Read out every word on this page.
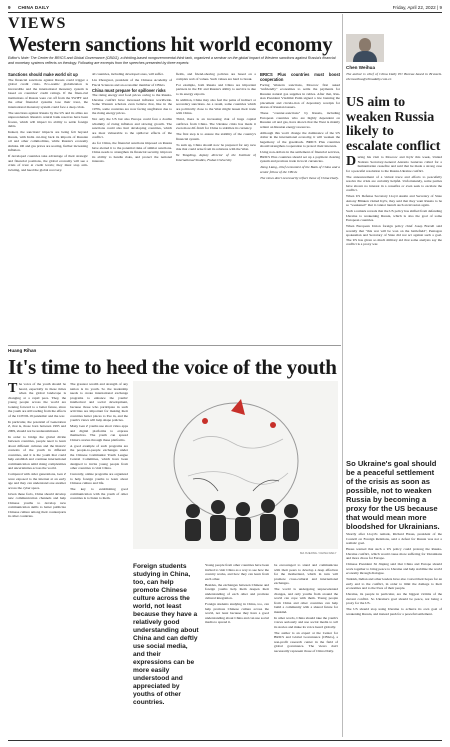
9 CHINA DAILY	Friday, April 22, 2022 | 9
VIEWS
Western sanctions hit world economy
Editor's Note: The Center for BRICS and Global Governance (CBGG), a thinking-based nongovernmental think tank, organized a seminar on the global impact of Western sanctions against Russia's financial and monetary systems reflects on theology. Following are excerpts from the speeches presented by three experts:
Sanctions should make world sit up

The financial sanctions against Russia could trigger a global credit crisis. Eco-nomic globalization is irreversible and the international monetary system is based on countries' credit ratings. If the finan-cial institutions of Russia were cut off from the SWIFT and the other financial systems lose their trust, the international monetary system could face a deep crisis.

The sanctions against Russia by the US and its allies are unprecedented. Russia's central bank reserves have been frozen, which will impact its ability to settle foreign debts.

Indeed, the sanctions' impacts are being felt beyond Russia, with India cut-ting back its imports of Russian oil and other commodities, while Russia's economy shrinks. Oil and gas prices are soaring, further increasing inflation.

If developed countries take advantage of their strategic and financial positions, the global economy will see a crisis of trust at credit levels; they must stop arm-twisting, and heed the global recovery.

all countries, including developed ones, will suffer.

Liu Zhongwei, president of the Chinese Academy of Fiscal Sciences and an economic member of CBGG

China must prepare for spillover risks

The rising energy and food prices owing to the Russia-Ukraine conflict have increased inflation worldwide. Some Western scholars even believe that, like in the 1970s, some countries are now facing stagflation due to the rising energy prices.

Not only the US but also Europe could face a double whammy of rising inflation and slowing growth. The sanctions could also hurt developing countries, which are most vulnerable to the spillover effects of the conflict.

As for China, the financial sanctions imposed on Russia have alerted it to the potential risks of similar sanctions. China needs to strengthen its financial security, improve its ability to handle risks, and protect the national interests.

fields, and friend-shoring policies are based on a complex web of values. Such values are hard to break.

For example, both Russia and China are important partners in the EU and Russia's ability to survive is due to its energy exports.

In addition, China may also feel the pains of indirect or secondary sanctions. As a result, some countries which are politically close to the West might lessen their trade with China.

Third, there is an increasing risk of huge capital outflows from China. The Ukraine crisis has made it even more dif-ficult for China to stabilize its currency.

The first step is to ensure the stability of the country's financial system.

To sum up, China should now be prepared for any new risk that could arise from its relations with the West.

Yu Yongding, deputy director of the Institute of International Studies, Fudan University

BRICS Plus countries must boost cooperation

Facing Western sanctions, Moscow first asked "unfriendly" economies to settle the payments for Russian natural gas supplies in rubles. After that, Rus-sian President Vladimir Putin signed a law banning the placement and circula-tion of depositary receipts for shares of Russian issuers.

These "counter-sanctions" by Russia, including European countries who are highly dependent on Russian oil and gas, have shown that the West is mainly reliant on Russian energy resources.

Although this won't change the dominance of the US dollar in the international economy, it will weaken the hegemony of the greenback. BRICS Plus countries should strengthen cooperation to protect their interests.

Using non-dollars in the settlement of financial services, BRICS Plus countries should set up a payment clearing system and promote trade in local currencies.

Jiang Liang, chief economist of the Bank of China and a senior fellow of the CBGG

The views don't necessarily reflect those of China Daily.

Chen Weihua

The author is chief of China Daily EU Bureau based in Brussels. chenweihua@chinadaily.com.cn

US aim to weaken Russia likely to escalate conflict

During his visit to Moscow and Kyiv this week, United Nations Secretary-General Antonio Guterres called for a humanitarian ceasefire and said that he made a strong case for a peaceful resolution to the Russia-Ukraine conflict.

The announcement of a virtual truce and efforts to peacefully resolve the crisis are certainly helpful. Unfortunately, some parties have shown no interest in a ceasefire or even seek to escalate the conflict.

When US Defense Secretary Lloyd Austin and Secretary of State Antony Blinken visited Kyiv, they said that they want Russia to be so "weakened" that it cannot launch such an invasion again.

Such a remark reveals that the US policy has shifted from defending Ukraine to weakening Russia, which is also the goal of some European countries.

When European Union foreign policy chief Josep Borrell said recently that "this war will be won on the battlefield", Pentagon spokesman and Secretary of State did not act against such a goal. The US has given so much military aid that some analysts say the conflict is a proxy war.

So Ukraine's goal should be a peaceful settlement of the crisis as soon as possible, not to weaken Russia by becoming a proxy for the US because that would mean more bloodshed for Ukrainians.

Shortly after Lloyd's remark, Richard Haass, president of the Council on Foreign Relations, said a defeat for Russia was not a realistic goal.

Haass warned that such a US policy could prolong the Russia-Ukraine conflict, which would cause more suffering for Ukrainians and more chaos for Europe.

Chinese President Xi Jinping said that China and Europe should work together to bring peace to Ukraine and help stabilize the world economy through dialogue.

Turkish, Indian and other leaders have also voiced their hopes for an early end to the conflict, in order to limit the damage to their economies and to the lives of their people.

Ukraine, its people in particular, are the biggest victims of the current conflict. So Ukraine's goal should be peace, not being a proxy for the US.

The US should stop using Ukraine to achieve its own goal of weakening Russia, and instead push for a peaceful settlement.

Huang Rihan
It's time to heed the voice of the youth

The voice of the youth should be heard, especially in these times when the global landscape is changing at a rapid pace. They, the young people across the world are looking forward to a better future, since the youth are still reeling from the effects of the COVID-19 pandemic and the war.

In particular, the potential of Generation Z, that is, those born between 1995 and 2009, should not be underestimated.

In order to bridge the global divide between countries, people need to learn about different cultures and the historic contexts of the youth in different countries, and it is the youth that could help establish and continue international communication amid rising complexities and uncertainties across the world.

Compared with older generations, Gen Z were exposed to the internet at an early age and they can understand one another across the cyber space.

Given these facts, China should develop new communication channels and help Chinese youths to develop new communication skills to better publicize Chinese culture among their counterparts in other countries.

The greatest wealth and strength of any nation is its youth. So the leadership needs to create international exchange programs to enhance the youths' intellectual and social development, because those who participate in such activities are important for making their countries better places to live in, and the youth's views will help shape policies.

Many Gen Z youths use short video apps and digital platforms to express themselves. The youth can spread China's stories through these platforms.

A good example of such programs are the people-to-people exchanges under the Chinese Communist Youth League Central Committee, which have been designed to invite young people from other countries to visit China.

Currently, online programs are organized to help foreign youths to learn about Chinese culture and life.

The key to establishing good communication with the youth of other countries is to listen to them.

MA XUEJING / CHINA DAILY
Foreign students studying in China, too, can help promote Chinese culture across the world, not least because they have a relatively good understanding about China and can deftly use social media, and their expressions can be more easily understood and appreciated by youths of other countries.

Young people from other countries have been invited to visit China as a way to see how the country works, and how they can learn from each other.

Besides, the exchanges between Chinese and foreign youths help them deepen their understanding of each other and promote cultural integration.

Foreign students studying in China, too, can help promote Chinese culture across the world, not least because they have a good understanding about China and can use social media to spread it.

be encouraged to stand and communicate with their peers to develop a deep affection for the motherland, which in turn will promote cross-cultural and international exchanges.

The world is undergoing unprecedented changes, and only youths from around the world can cope with them. Young people from China and other countries can help build a community with a shared future for mankind.

In other words, China should take the youth's voices seriously and use social media to tell its stories and make its voice heard globally.

The author is an expert at the Center for BRICS and Global Governance (CBGG), a non-profit research center in the field of global governance. The views don't necessarily represent those of China Daily.
